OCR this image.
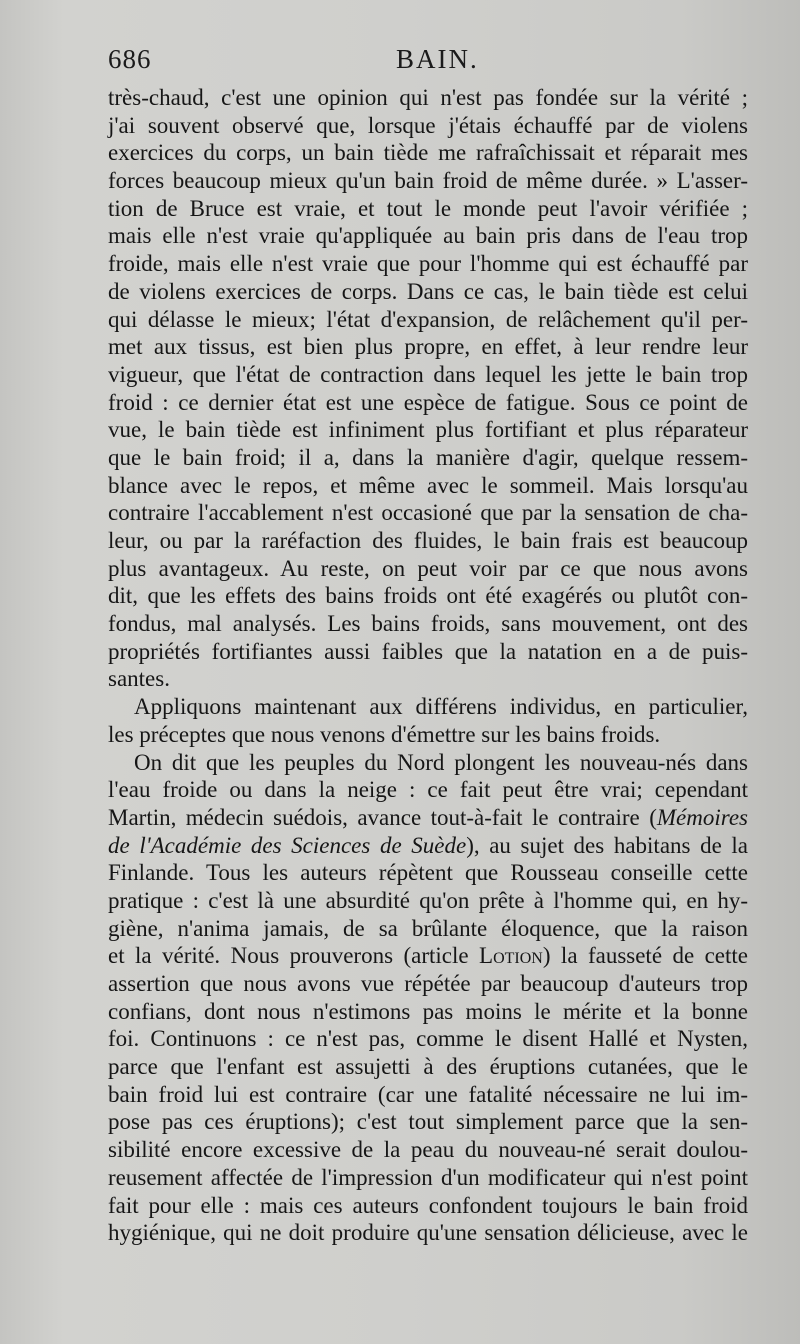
686	BAIN.
très-chaud, c'est une opinion qui n'est pas fondée sur la vérité ;
j'ai souvent observé que, lorsque j'étais échauffé par de violens
exercices du corps, un bain tiède me rafraîchissait et réparait mes
forces beaucoup mieux qu'un bain froid de même durée. » L'asser-
tion de Bruce est vraie, et tout le monde peut l'avoir vérifiée ;
mais elle n'est vraie qu'appliquée au bain pris dans de l'eau trop
froide, mais elle n'est vraie que pour l'homme qui est échauffé par
de violens exercices de corps. Dans ce cas, le bain tiède est celui
qui délasse le mieux; l'état d'expansion, de relâchement qu'il per-
met aux tissus, est bien plus propre, en effet, à leur rendre leur
vigueur, que l'état de contraction dans lequel les jette le bain trop
froid : ce dernier état est une espèce de fatigue. Sous ce point de
vue, le bain tiède est infiniment plus fortifiant et plus réparateur
que le bain froid; il a, dans la manière d'agir, quelque ressem-
blance avec le repos, et même avec le sommeil. Mais lorsqu'au
contraire l'accablement n'est occasioné que par la sensation de cha-
leur, ou par la raréfaction des fluides, le bain frais est beaucoup
plus avantageux. Au reste, on peut voir par ce que nous avons
dit, que les effets des bains froids ont été exagérés ou plutôt con-
fondus, mal analysés. Les bains froids, sans mouvement, ont des
propriétés fortifiantes aussi faibles que la natation en a de puis-
santes.
Appliquons maintenant aux différens individus, en particulier,
les préceptes que nous venons d'émettre sur les bains froids.
On dit que les peuples du Nord plongent les nouveau-nés dans
l'eau froide ou dans la neige : ce fait peut être vrai; cependant
Martin, médecin suédois, avance tout-à-fait le contraire (Mémoires
de l'Académie des Sciences de Suède), au sujet des habitans de la
Finlande. Tous les auteurs répètent que Rousseau conseille cette
pratique : c'est là une absurdité qu'on prête à l'homme qui, en hy-
giène, n'anima jamais, de sa brûlante éloquence, que la raison
et la vérité. Nous prouverons (article Lotion) la fausseté de cette
assertion que nous avons vue répétée par beaucoup d'auteurs trop
confians, dont nous n'estimons pas moins le mérite et la bonne
foi. Continuons : ce n'est pas, comme le disent Hallé et Nysten,
parce que l'enfant est assujetti à des éruptions cutanées, que le
bain froid lui est contraire (car une fatalité nécessaire ne lui im-
pose pas ces éruptions); c'est tout simplement parce que la sen-
sibilité encore excessive de la peau du nouveau-né serait doulou-
reusement affectée de l'impression d'un modificateur qui n'est point
fait pour elle : mais ces auteurs confondent toujours le bain froid
hygiénique, qui ne doit produire qu'une sensation délicieuse, avec le
